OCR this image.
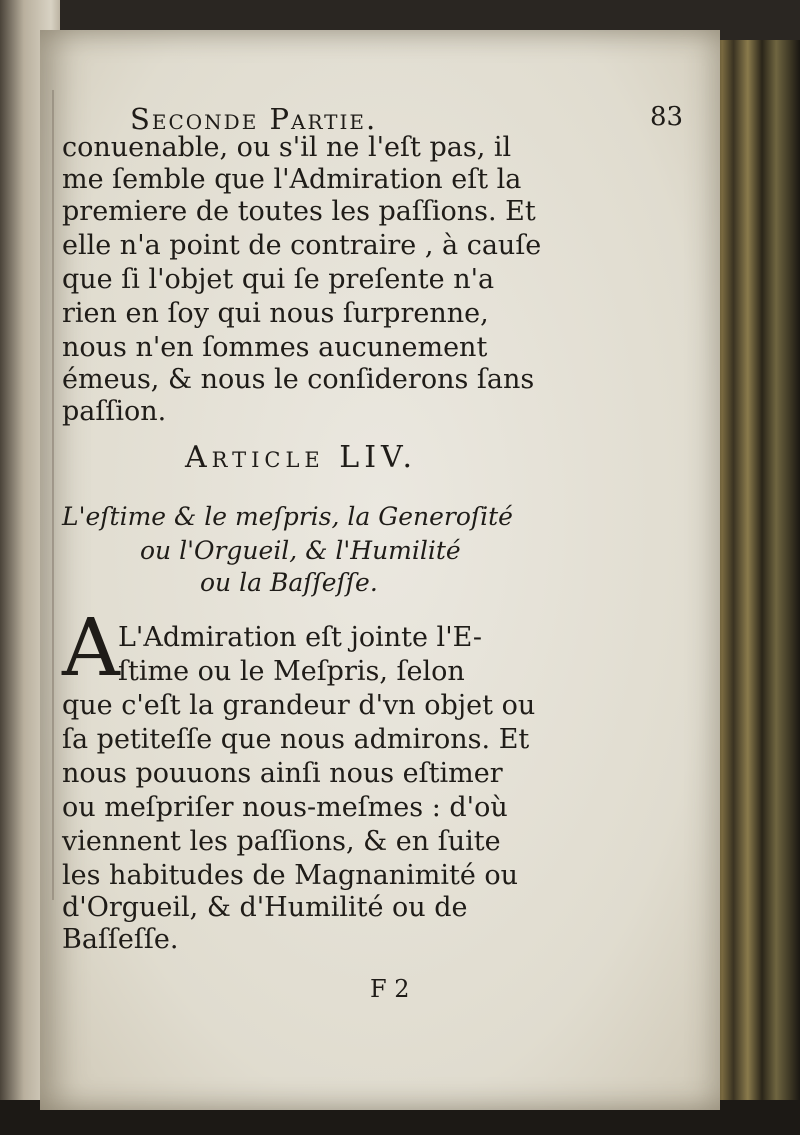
Seconde Partie.	83
conuenable, ou s'il ne l'eſt pas, il
me ſemble que l'Admiration eſt la
premiere de toutes les paſſions. Et
elle n'a point de contraire , à cauſe
que ſi l'objet qui ſe preſente n'a
rien en ſoy qui nous ſurprenne,
nous n'en ſommes aucunement
émeus, & nous le conſiderons ſans
paſſion.
Article LIV.
L'eſtime & le meſpris, la Generoſité
ou l'Orgueil, & l'Humilité
ou la Baſſeſſe.
A
L'Admiration eſt jointe l'E-
ſtime ou le Meſpris, ſelon
que c'eſt la grandeur d'vn objet ou
ſa petiteſſe que nous admirons. Et
nous pouuons ainſi nous eſtimer
ou meſpriſer nous-meſmes : d'où
viennent les paſſions, & en ſuite
les habitudes de Magnanimité ou
d'Orgueil, & d'Humilité ou de
Baſſeſſe.
F 2
